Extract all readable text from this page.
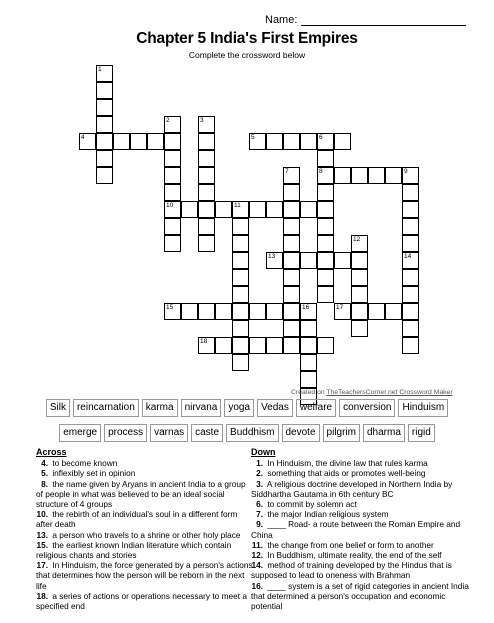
Name:
Chapter 5 India's First Empires
Complete the crossword below
1
2	3
4	5	6
7	8	9
10	11
12
13	14
15	16	17
18
Created on TheTeachersCorner.net Crossword Maker
Silk	reincarnation	karma	nirvana	yoga	Vedas	welfare	conversion	Hinduism
emerge	process	varnas	caste	Buddhism	devote	pilgrim	dharma	rigid
Across
4 . to become known
5 . inflexibly set in opinion
8 . the name given by Aryans in ancient India to a group of people in what was believed to be an ideal social structure of 4 groups
10 . the rebirth of an individual's soul in a different form after death
13 . a person who travels to a shrine or other holy place
15 . the earliest known Indian literature which contain religious chants and stories
17 . In Hinduism, the force generated by a person's actions that determines how the person will be reborn in the next life
18 . a series of actions or operations necessary to meet a specified end
Down
1 . In Hinduism, the divine law that rules karma
2 . something that aids or promotes well-being
3 . A religious doctrine developed in Northern India by Siddhartha Gautama in 6th century BC
6 . to commit by solemn act
7 . the major Indian religious system
9 . ____ Road- a route between the Roman Empire and China
11 . the change from one belief or form to another
12 . In Buddhism, ultimate reality, the end of the self
14 . method of training developed by the Hindus that is supposed to lead to oneness with Brahman
16 . ____ system is a set of rigid categories in ancient India that determined a person's occupation and economic potential
